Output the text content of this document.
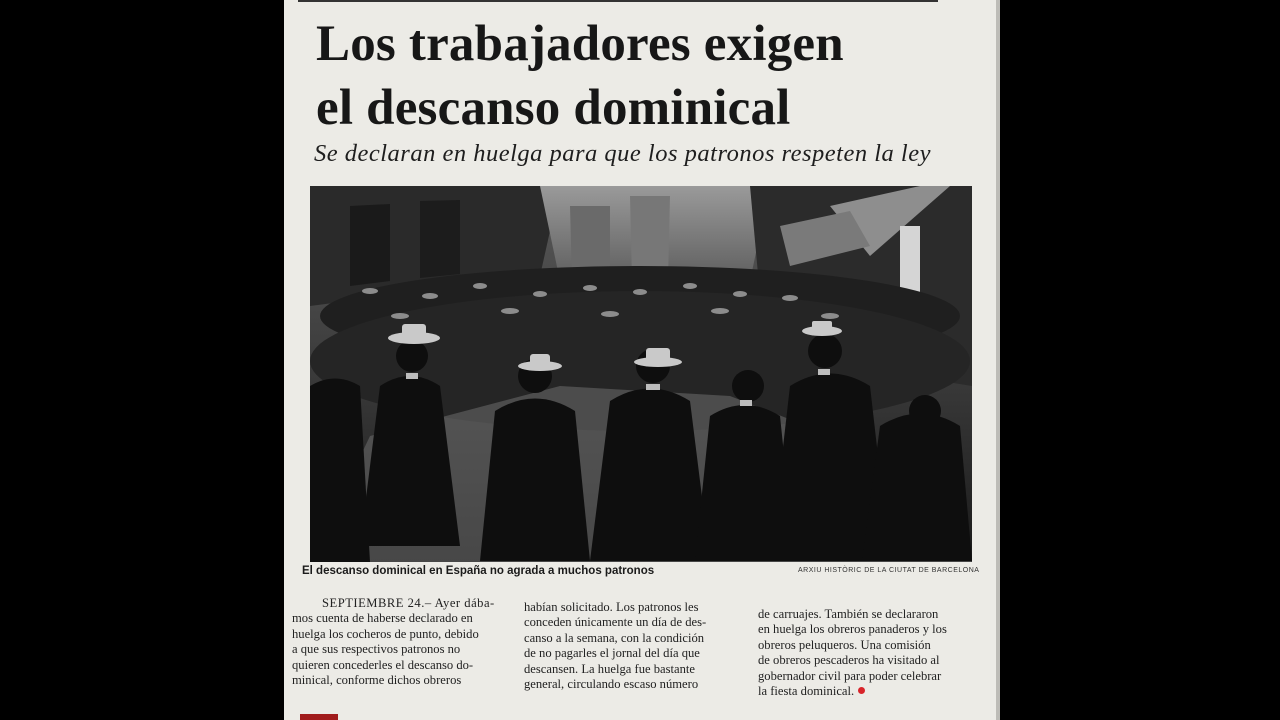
Los trabajadores exigen
el descanso dominical
Se declaran en huelga para que los patronos respeten la ley
El descanso dominical en España no agrada a muchos patronos	ARXIU HISTÒRIC DE LA CIUTAT DE BARCELONA
SEPTIEMBRE 24.– Ayer dába-
mos cuenta de haberse declarado en
huelga los cocheros de punto, debido
a que sus respectivos patronos no
quieren concederles el descanso do-
minical, conforme dichos obreros
habían solicitado. Los patronos les
conceden únicamente un día de des-
canso a la semana, con la condición
de no pagarles el jornal del día que
descansen. La huelga fue bastante
general, circulando escaso número
de carruajes. También se declararon
en huelga los obreros panaderos y los
obreros peluqueros. Una comisión
de obreros pescaderos ha visitado al
gobernador civil para poder celebrar
la fiesta dominical.
